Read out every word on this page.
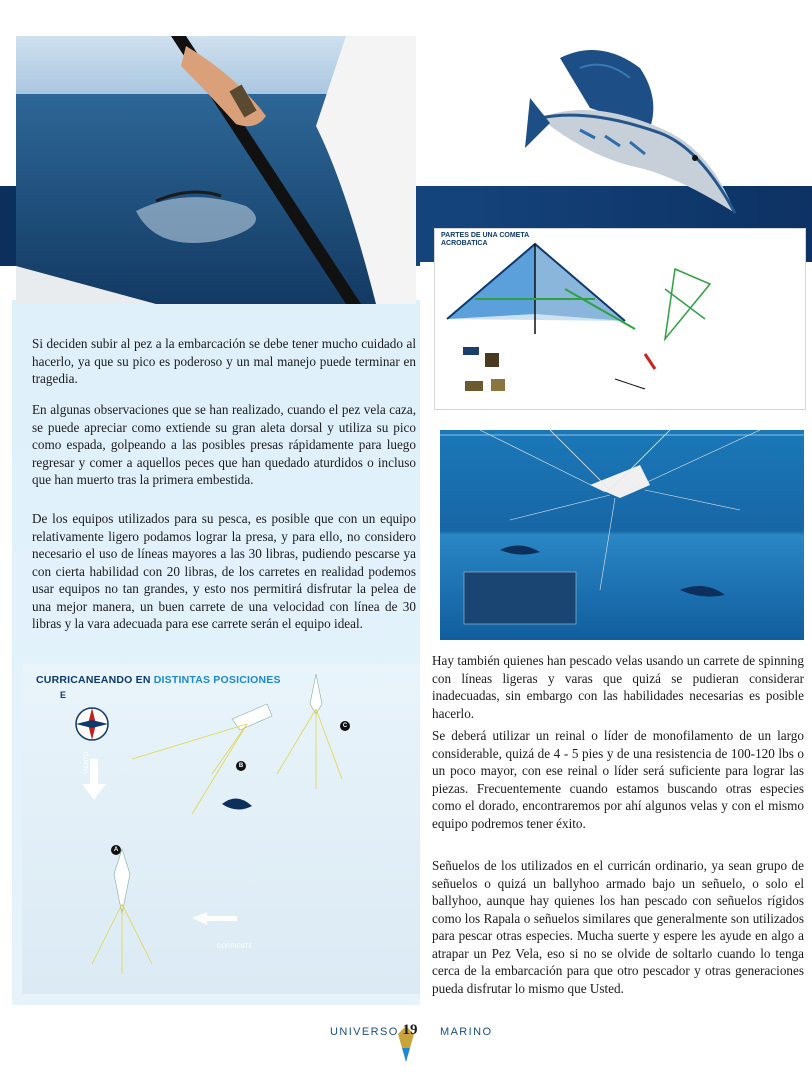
Si deciden subir al pez a la embarcación se debe tener mucho cuidado al hacerlo, ya que su pico es poderoso y un mal manejo puede terminar en tragedia.

En algunas observaciones que se han realizado, cuando el pez vela caza, se puede apreciar como extiende su gran aleta dorsal y utiliza su pico como espada, golpeando a las posibles presas rápidamente para luego regresar y comer a aquellos peces que han quedado aturdidos o incluso que han muerto tras la primera embestida.

De los equipos utilizados para su pesca, es posible que con un equipo relativamente ligero podamos lograr la presa, y para ello, no considero necesario el uso de líneas mayores a las 30 libras, pudiendo pescarse ya con cierta habilidad con 20 libras, de los carretes en realidad podemos usar equipos no tan grandes, y esto nos permitirá disfrutar la pelea de una mejor manera, un buen carrete de una velocidad con línea de 30 libras y la vara adecuada para ese carrete serán el equipo ideal.

Hay también quienes han pescado velas usando un carrete de spinning con líneas ligeras y varas que quizá se pudieran considerar inadecuadas, sin embargo con las habilidades necesarias es posible hacerlo.

Se deberá utilizar un reinal o líder de monofilamento de un largo considerable, quizá de 4 - 5 pies y de una resistencia de 100-120 lbs o un poco mayor, con ese reinal o líder será suficiente para lograr las piezas. Frecuentemente cuando estamos buscando otras especies como el dorado, encontraremos por ahí algunos velas y con el mismo equipo podremos tener éxito.

Señuelos de los utilizados en el curricán ordinario, ya sean grupo de señuelos o quizá un ballyhoo armado bajo un señuelo, o solo el ballyhoo, aunque hay quienes los han pescado con señuelos rígidos como los Rapala o señuelos similares que generalmente son utilizados para pescar otras especies. Mucha suerte y espere les ayude en algo a atrapar un Pez Vela, eso si no se olvide de soltarlo cuando lo tenga cerca de la embarcación para que otro pescador y otras generaciones pueda disfrutar lo mismo que Usted.

PARTES DE UNA COMETA
ACROBATICA
CURRICANEANDO EN DISTINTAS POSICIONES
E
VIENTO
CORRIENTE
A
B
C
UNIVERSO 19	MARINO
